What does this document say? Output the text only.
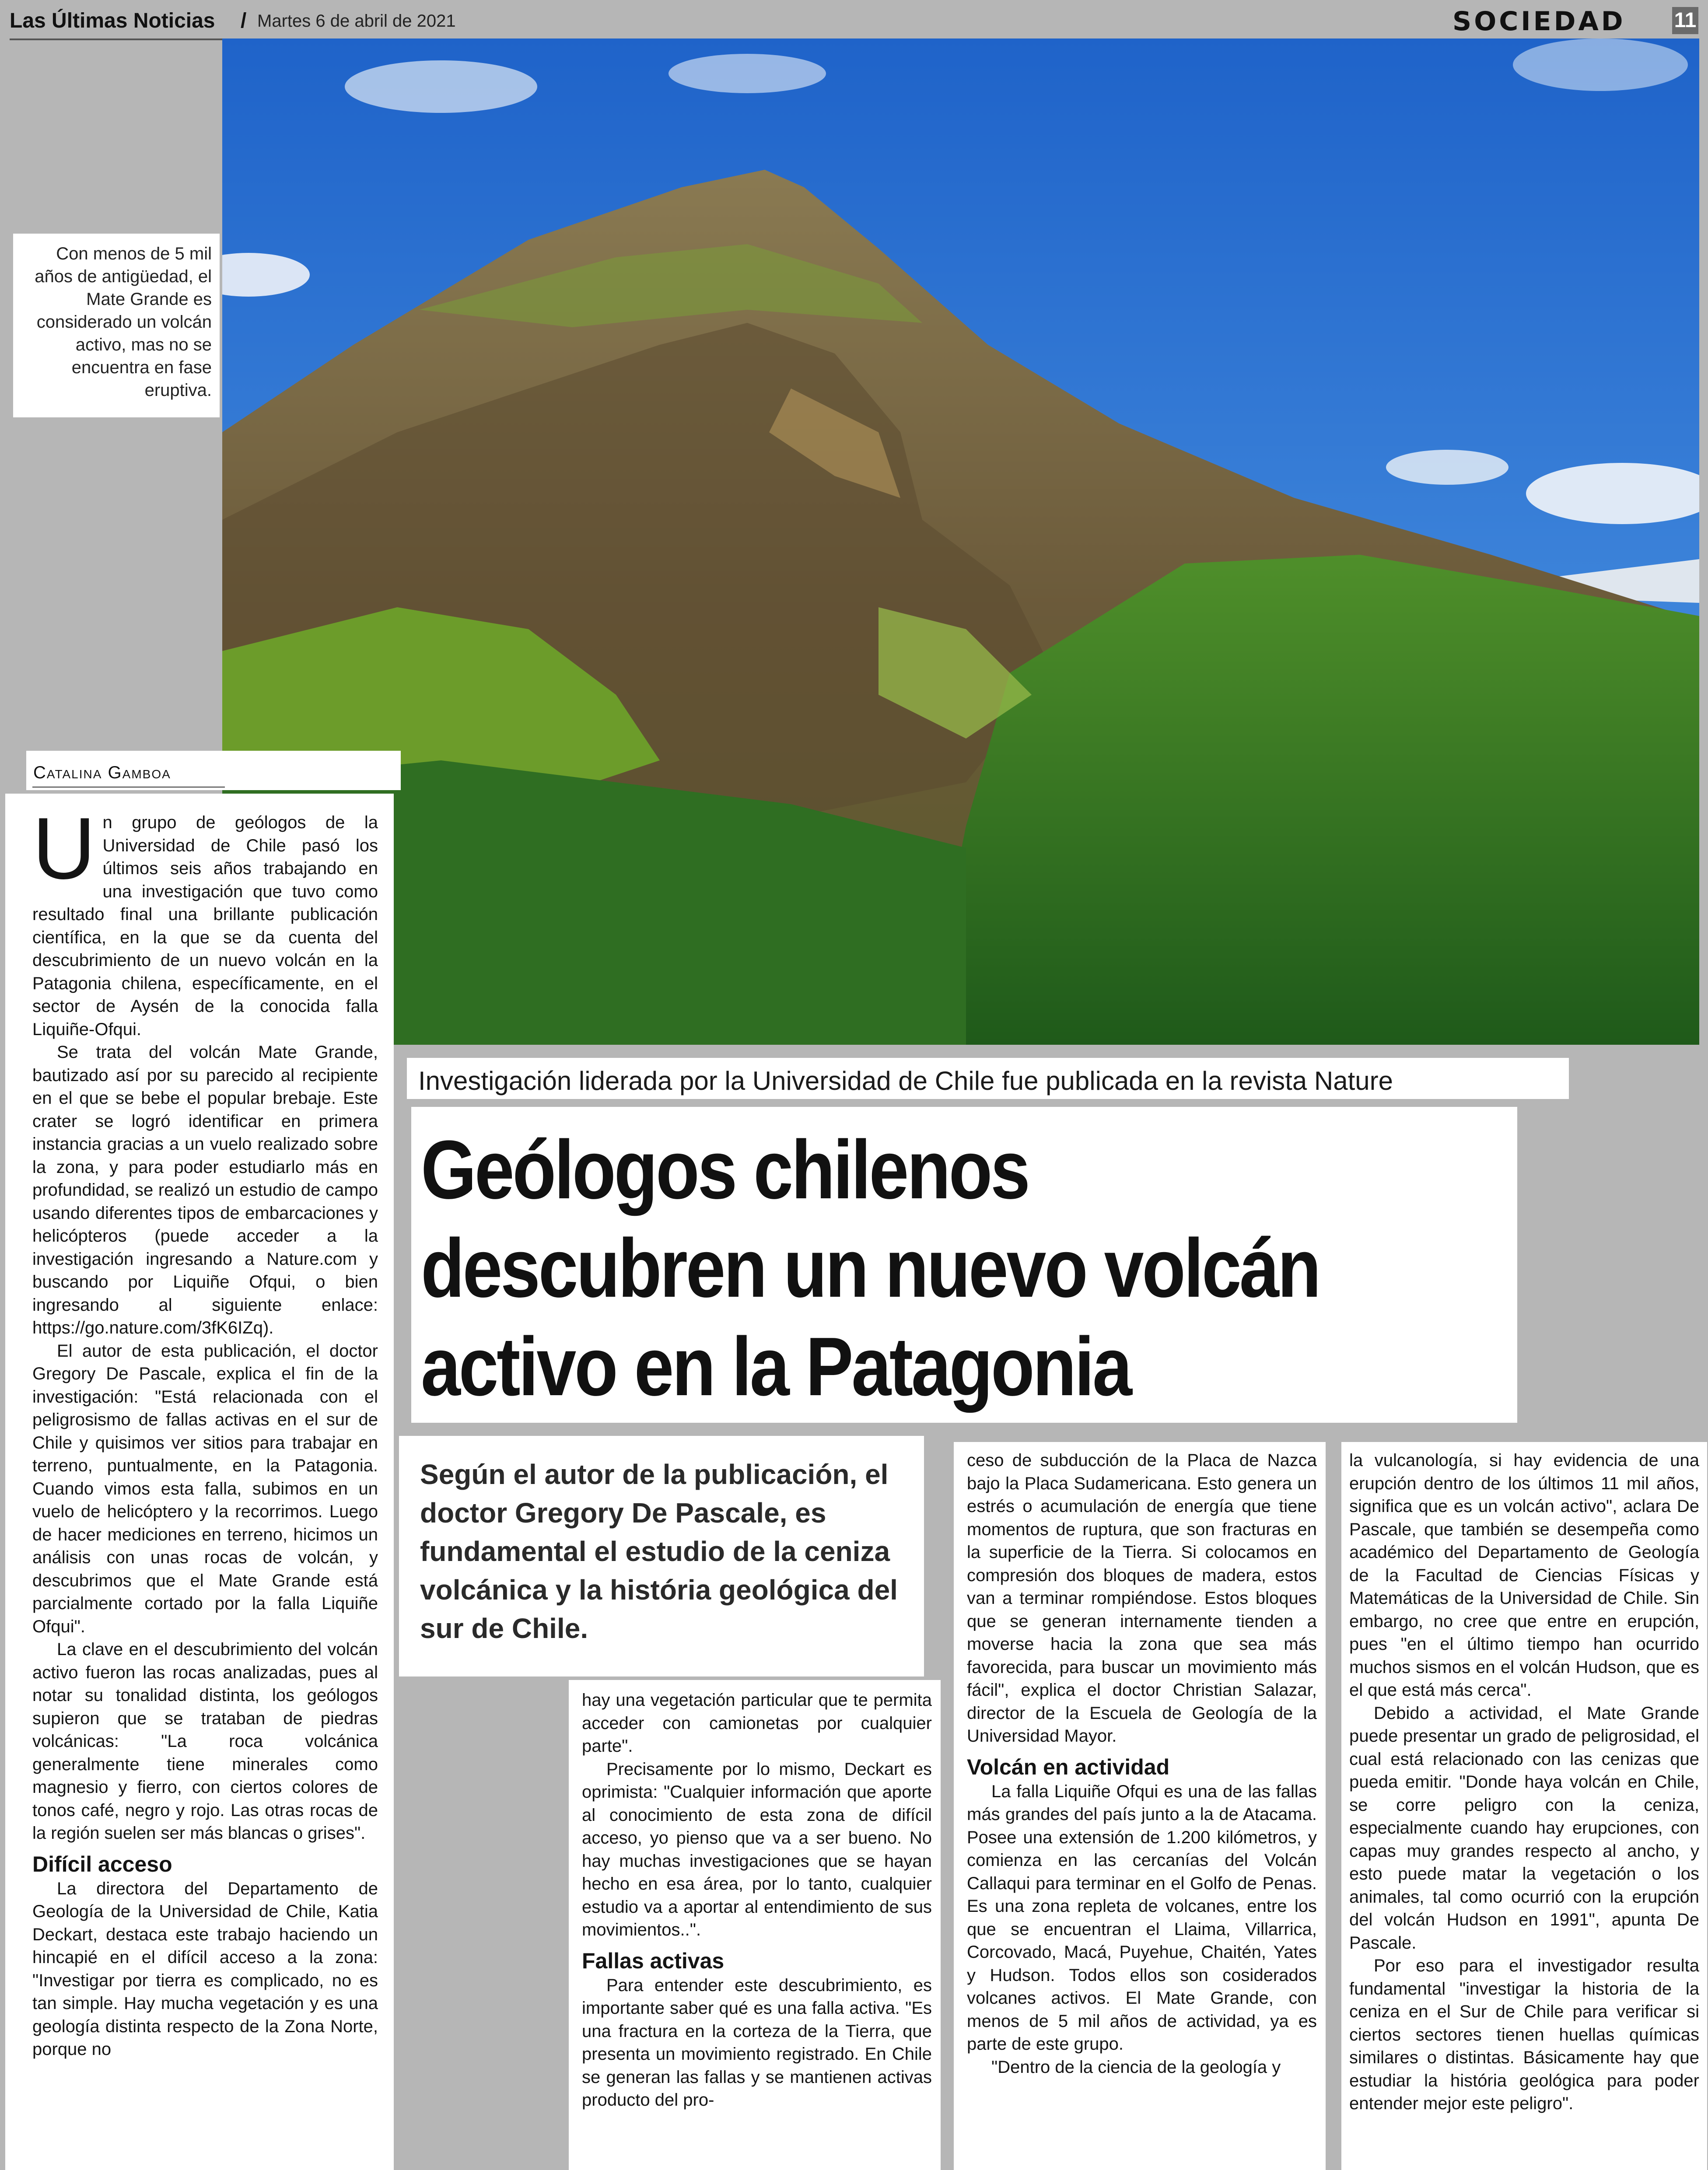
Las Últimas Noticias / Martes 6 de abril de 2021	SOCIEDAD 11

Con menos de 5 mil años de antigüedad, el Mate Grande es considerado un volcán activo, mas no se encuentra en fase eruptiva.

Catalina Gamboa

Un grupo de geólogos de la Universidad de Chile pasó los últimos seis años trabajando en una investigación que tuvo como resultado final una brillante publicación científica, en la que se da cuenta del descubrimiento de un nuevo volcán en la Patagonia chilena, específicamente, en el sector de Aysén de la conocida falla Liquiñe-Ofqui.

Se trata del volcán Mate Grande, bautizado así por su parecido al recipiente en el que se bebe el popular brebaje. Este crater se logró identificar en primera instancia gracias a un vuelo realizado sobre la zona, y para poder estudiarlo más en profundidad, se realizó un estudio de campo usando diferentes tipos de embarcaciones y helicópteros (puede acceder a la investigación ingresando a Nature.com y buscando por Liquiñe Ofqui, o bien ingresando al siguiente enlace: https://go.nature.com/3fK6IZq).

El autor de esta publicación, el doctor Gregory De Pascale, explica el fin de la investigación: "Está relacionada con el peligrosismo de fallas activas en el sur de Chile y quisimos ver sitios para trabajar en terreno, puntualmente, en la Patagonia. Cuando vimos esta falla, subimos en un vuelo de helicóptero y la recorrimos. Luego de hacer mediciones en terreno, hicimos un análisis con unas rocas de volcán, y descubrimos que el Mate Grande está parcialmente cortado por la falla Liquiñe Ofqui".

La clave en el descubrimiento del volcán activo fueron las rocas analizadas, pues al notar su tonalidad distinta, los geólogos supieron que se trataban de piedras volcánicas: "La roca volcánica generalmente tiene minerales como magnesio y fierro, con ciertos colores de tonos café, negro y rojo. Las otras rocas de la región suelen ser más blancas o grises".

Difícil acceso

La directora del Departamento de Geología de la Universidad de Chile, Katia Deckart, destaca este trabajo haciendo un hincapié en el difícil acceso a la zona: "Investigar por tierra es complicado, no es tan simple. Hay mucha vegetación y es una geología distinta respecto de la Zona Norte, porque no

Investigación liderada por la Universidad de Chile fue publicada en la revista Nature
Geólogos chilenos
descubren un nuevo volcán
activo en la Patagonia
Según el autor de la publicación, el doctor Gregory De Pascale, es fundamental el estudio de la ceniza volcánica y la história geológica del sur de Chile.

hay una vegetación particular que te permita acceder con camionetas por cualquier parte".

Precisamente por lo mismo, Deckart es oprimista: "Cualquier información que aporte al conocimiento de esta zona de difícil acceso, yo pienso que va a ser bueno. No hay muchas investigaciones que se hayan hecho en esa área, por lo tanto, cualquier estudio va a aportar al entendimiento de sus movimientos..".

Fallas activas

Para entender este descubrimiento, es importante saber qué es una falla activa. "Es una fractura en la corteza de la Tierra, que presenta un movimiento registrado. En Chile se generan las fallas y se mantienen activas producto del pro-

ceso de subducción de la Placa de Nazca bajo la Placa Sudamericana. Esto genera un estrés o acumulación de energía que tiene momentos de ruptura, que son fracturas en la superficie de la Tierra. Si colocamos en compresión dos bloques de madera, estos van a terminar rompiéndose. Estos bloques que se generan internamente tienden a moverse hacia la zona que sea más favorecida, para buscar un movimiento más fácil", explica el doctor Christian Salazar, director de la Escuela de Geología de la Universidad Mayor.

Volcán en actividad

La falla Liquiñe Ofqui es una de las fallas más grandes del país junto a la de Atacama. Posee una extensión de 1.200 kilómetros, y comienza en las cercanías del Volcán Callaqui para terminar en el Golfo de Penas. Es una zona repleta de volcanes, entre los que se encuentran el Llaima, Villarrica, Corcovado, Macá, Puyehue, Chaitén, Yates y Hudson. Todos ellos son cosiderados volcanes activos. El Mate Grande, con menos de 5 mil años de actividad, ya es parte de este grupo.

"Dentro de la ciencia de la geología y

la vulcanología, si hay evidencia de una erupción dentro de los últimos 11 mil años, significa que es un volcán activo", aclara De Pascale, que también se desempeña como académico del Departamento de Geología de la Facultad de Ciencias Físicas y Matemáticas de la Universidad de Chile. Sin embargo, no cree que entre en erupción, pues "en el último tiempo han ocurrido muchos sismos en el volcán Hudson, que es el que está más cerca".

Debido a actividad, el Mate Grande puede presentar un grado de peligrosidad, el cual está relacionado con las cenizas que pueda emitir. "Donde haya volcán en Chile, se corre peligro con la ceniza, especialmente cuando hay erupciones, con capas muy grandes respecto al ancho, y esto puede matar la vegetación o los animales, tal como ocurrió con la erupción del volcán Hudson en 1991", apunta De Pascale.

Por eso para el investigador resulta fundamental "investigar la historia de la ceniza en el Sur de Chile para verificar si ciertos sectores tienen huellas químicas similares o distintas. Básicamente hay que estudiar la história geológica para poder entender mejor este peligro".
